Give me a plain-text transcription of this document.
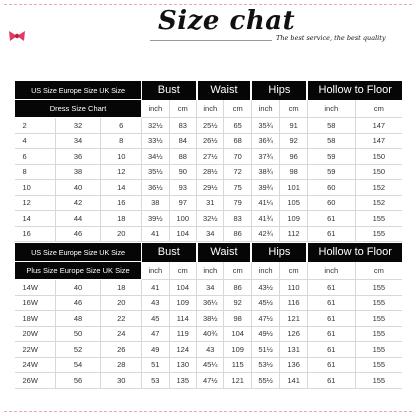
Size chat
The best service, the best quality
US Size Europe Size UK Size			Bust		Waist		Hips		Hollow to Floor	
Dress Size Chart			inch	cm	inch	cm	inch	cm	inch	cm
2	32	6	32½	83	25½	65	35¾	91	58	147
4	34	8	33½	84	26½	68	36¾	92	58	147
6	36	10	34½	88	27½	70	37¾	96	59	150
8	38	12	35½	90	28½	72	38¾	98	59	150
10	40	14	36½	93	29½	75	39¾	101	60	152
12	42	16	38	97	31	79	41¼	105	60	152
14	44	18	39½	100	32½	83	41¾	109	61	155
16	46	20	41	104	34	86	42¾	112	61	155
US Size Europe Size UK Size			Bust		Waist		Hips		Hollow to Floor	
Plus Size Europe Size UK Size			inch	cm	inch	cm	inch	cm	inch	cm
14W	40	18	41	104	34	86	43½	110	61	155
16W	46	20	43	109	36¼	92	45½	116	61	155
18W	48	22	45	114	38½	98	47½	121	61	155
20W	50	24	47	119	40¾	104	49½	126	61	155
22W	52	26	49	124	43	109	51½	131	61	155
24W	54	28	51	130	45¼	115	53½	136	61	155
26W	56	30	53	135	47½	121	55½	141	61	155
